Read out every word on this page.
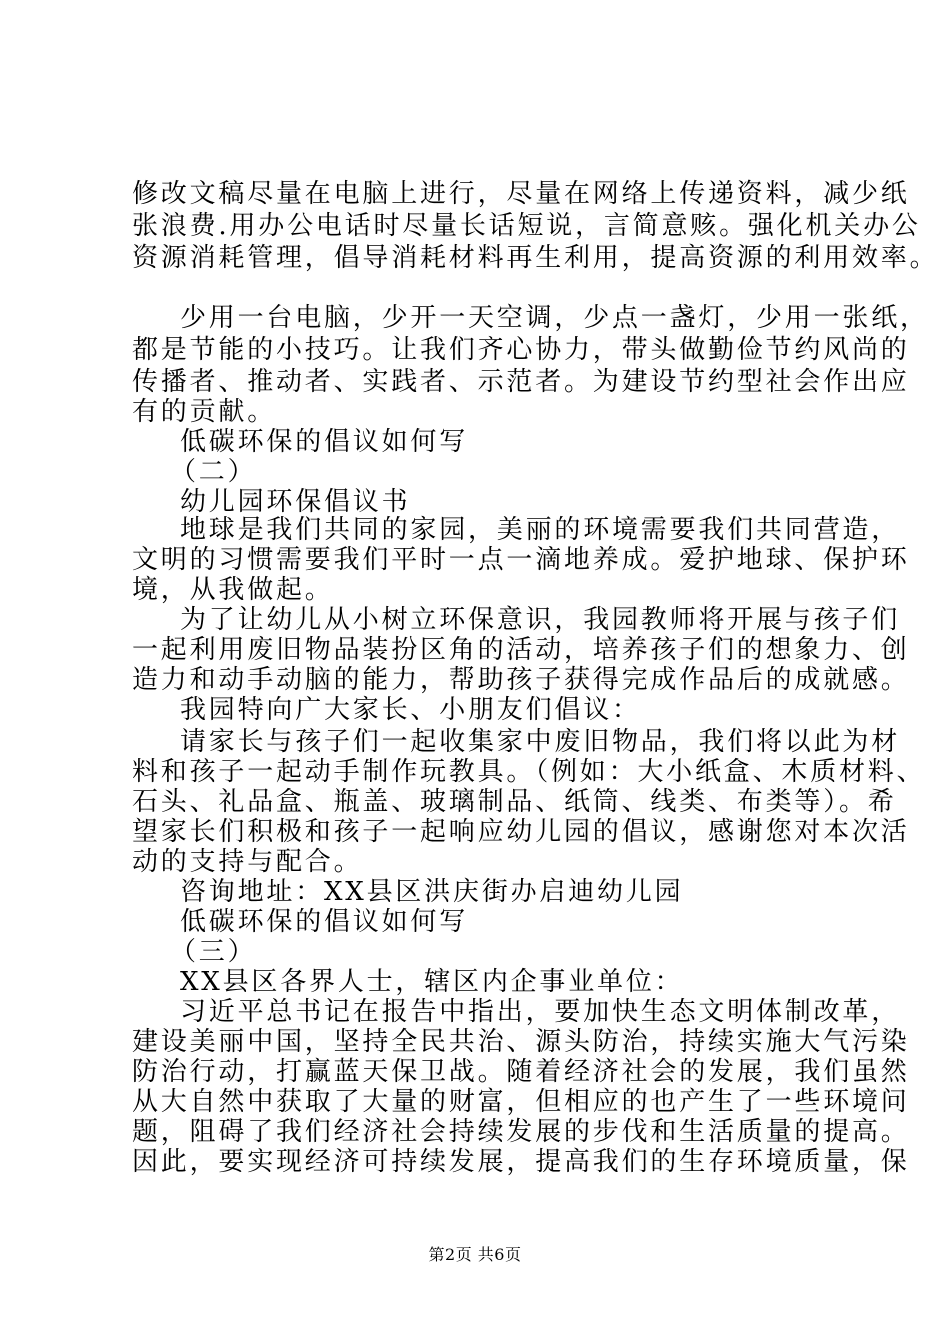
修改文稿尽量在电脑上进行，尽量在网络上传递资料，减少纸
张浪费.用办公电话时尽量长话短说，言简意赅。强化机关办公
资源消耗管理，倡导消耗材料再生利用，提高资源的利用效率。
少用一台电脑，少开一天空调，少点一盏灯，少用一张纸，
都是节能的小技巧。让我们齐心协力，带头做勤俭节约风尚的
传播者、推动者、实践者、示范者。为建设节约型社会作出应
有的贡献。
低碳环保的倡议如何写
（二）
幼儿园环保倡议书
地球是我们共同的家园，美丽的环境需要我们共同营造，
文明的习惯需要我们平时一点一滴地养成。爱护地球、保护环
境，从我做起。
为了让幼儿从小树立环保意识，我园教师将开展与孩子们
一起利用废旧物品装扮区角的活动，培养孩子们的想象力、创
造力和动手动脑的能力，帮助孩子获得完成作品后的成就感。
我园特向广大家长、小朋友们倡议：
请家长与孩子们一起收集家中废旧物品，我们将以此为材
料和孩子一起动手制作玩教具。（例如：大小纸盒、木质材料、
石头、礼品盒、瓶盖、玻璃制品、纸筒、线类、布类等）。希
望家长们积极和孩子一起响应幼儿园的倡议，感谢您对本次活
动的支持与配合。
咨询地址：XX县区洪庆街办启迪幼儿园
低碳环保的倡议如何写
（三）
XX县区各界人士，辖区内企事业单位：
习近平总书记在报告中指出，要加快生态文明体制改革，
建设美丽中国，坚持全民共治、源头防治，持续实施大气污染
防治行动，打赢蓝天保卫战。随着经济社会的发展，我们虽然
从大自然中获取了大量的财富，但相应的也产生了一些环境问
题，阻碍了我们经济社会持续发展的步伐和生活质量的提高。
因此，要实现经济可持续发展，提高我们的生存环境质量，保
第2页 共6页
